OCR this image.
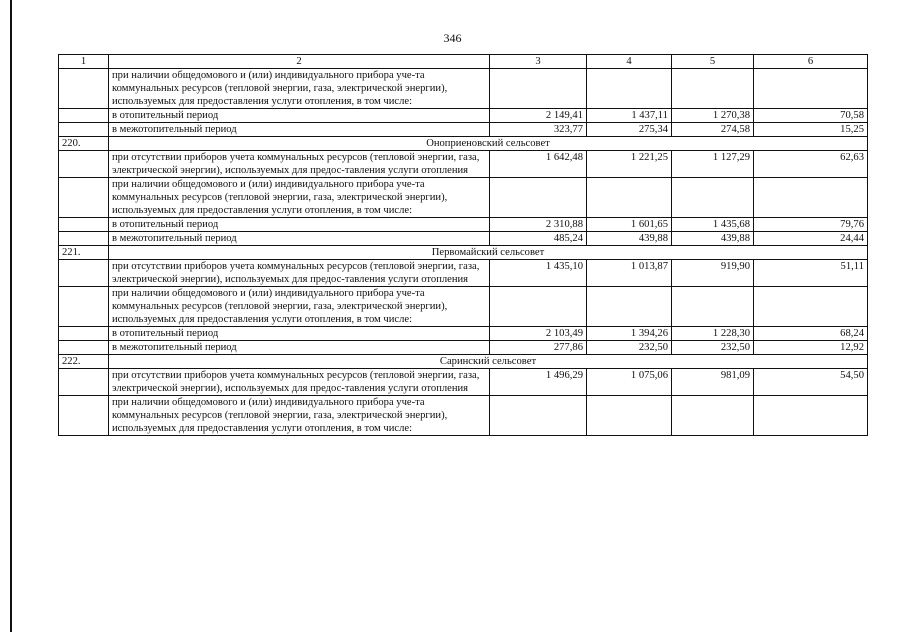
346
1	2	3	4	5	6
	при наличии общедомового и (или) индивидуального прибора уче-та коммунальных ресурсов (тепловой энергии, газа, электрической энергии), используемых для предоставления услуги отопления, в том числе:				
	в отопительный период	2 149,41	1 437,11	1 270,38	70,58
	в межотопительный период	323,77	275,34	274,58	15,25
220.	Оноприеновский сельсовет				
	при отсутствии приборов учета коммунальных ресурсов (тепловой энергии, газа, электрической энергии), используемых для предос-тавления услуги отопления	1 642,48	1 221,25	1 127,29	62,63
	при наличии общедомового и (или) индивидуального прибора уче-та коммунальных ресурсов (тепловой энергии, газа, электрической энергии), используемых для предоставления услуги отопления, в том числе:				
	в отопительный период	2 310,88	1 601,65	1 435,68	79,76
	в межотопительный период	485,24	439,88	439,88	24,44
221.	Первомайский сельсовет				
	при отсутствии приборов учета коммунальных ресурсов (тепловой энергии, газа, электрической энергии), используемых для предос-тавления услуги отопления	1 435,10	1 013,87	919,90	51,11
	при наличии общедомового и (или) индивидуального прибора уче-та коммунальных ресурсов (тепловой энергии, газа, электрической энергии), используемых для предоставления услуги отопления, в том числе:				
	в отопительный период	2 103,49	1 394,26	1 228,30	68,24
	в межотопительный период	277,86	232,50	232,50	12,92
222.	Саринский сельсовет				
	при отсутствии приборов учета коммунальных ресурсов (тепловой энергии, газа, электрической энергии), используемых для предос-тавления услуги отопления	1 496,29	1 075,06	981,09	54,50
	при наличии общедомового и (или) индивидуального прибора уче-та коммунальных ресурсов (тепловой энергии, газа, электрической энергии), используемых для предоставления услуги отопления, в том числе:				
